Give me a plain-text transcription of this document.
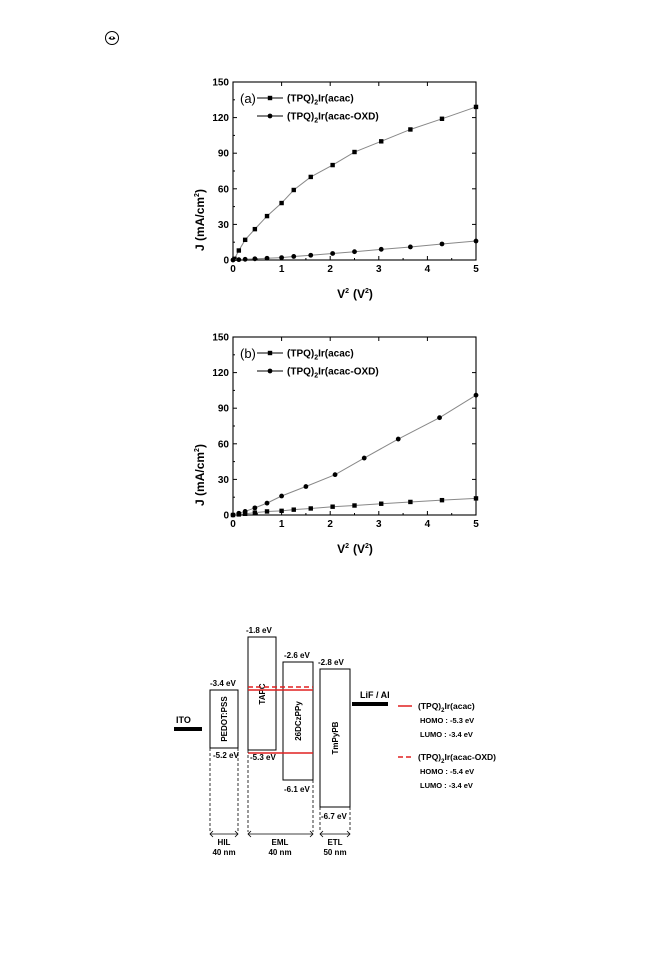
J $(mA/cm^2)$
$V^2$ $(V^2)$
0	1	2	3	4	5
0
30
60
90
120
150
(a)	$(TPQ)_2Ir(acac)$
$(TPQ)_2Ir(acac-OXD)$
J $(mA/cm^2)$
$V^2$ $(V^2)$
0	1	2	3	4	5
0
30
60
90
120
150
(b)	$(TPQ)_2Ir(acac)$
$(TPQ)_2Ir(acac-OXD)$
ITO
LiF / Al
PEDOT:PSS
-3.4 eV
-5.2 eV
TAPC
-1.8 eV
-5.3 eV
26DCzPPy
-2.6 eV
-6.1 eV
TmPyPB
-2.8 eV
-6.7 eV
HIL
40 nm
EML
40 nm
ETL
50 nm
$(TPQ)_2Ir(acac)$
HOMO : -5.3 eV
LUMO : -3.4 eV
$(TPQ)_2Ir(acac-OXD)$
HOMO : -5.4 eV
LUMO : -3.4 eV
